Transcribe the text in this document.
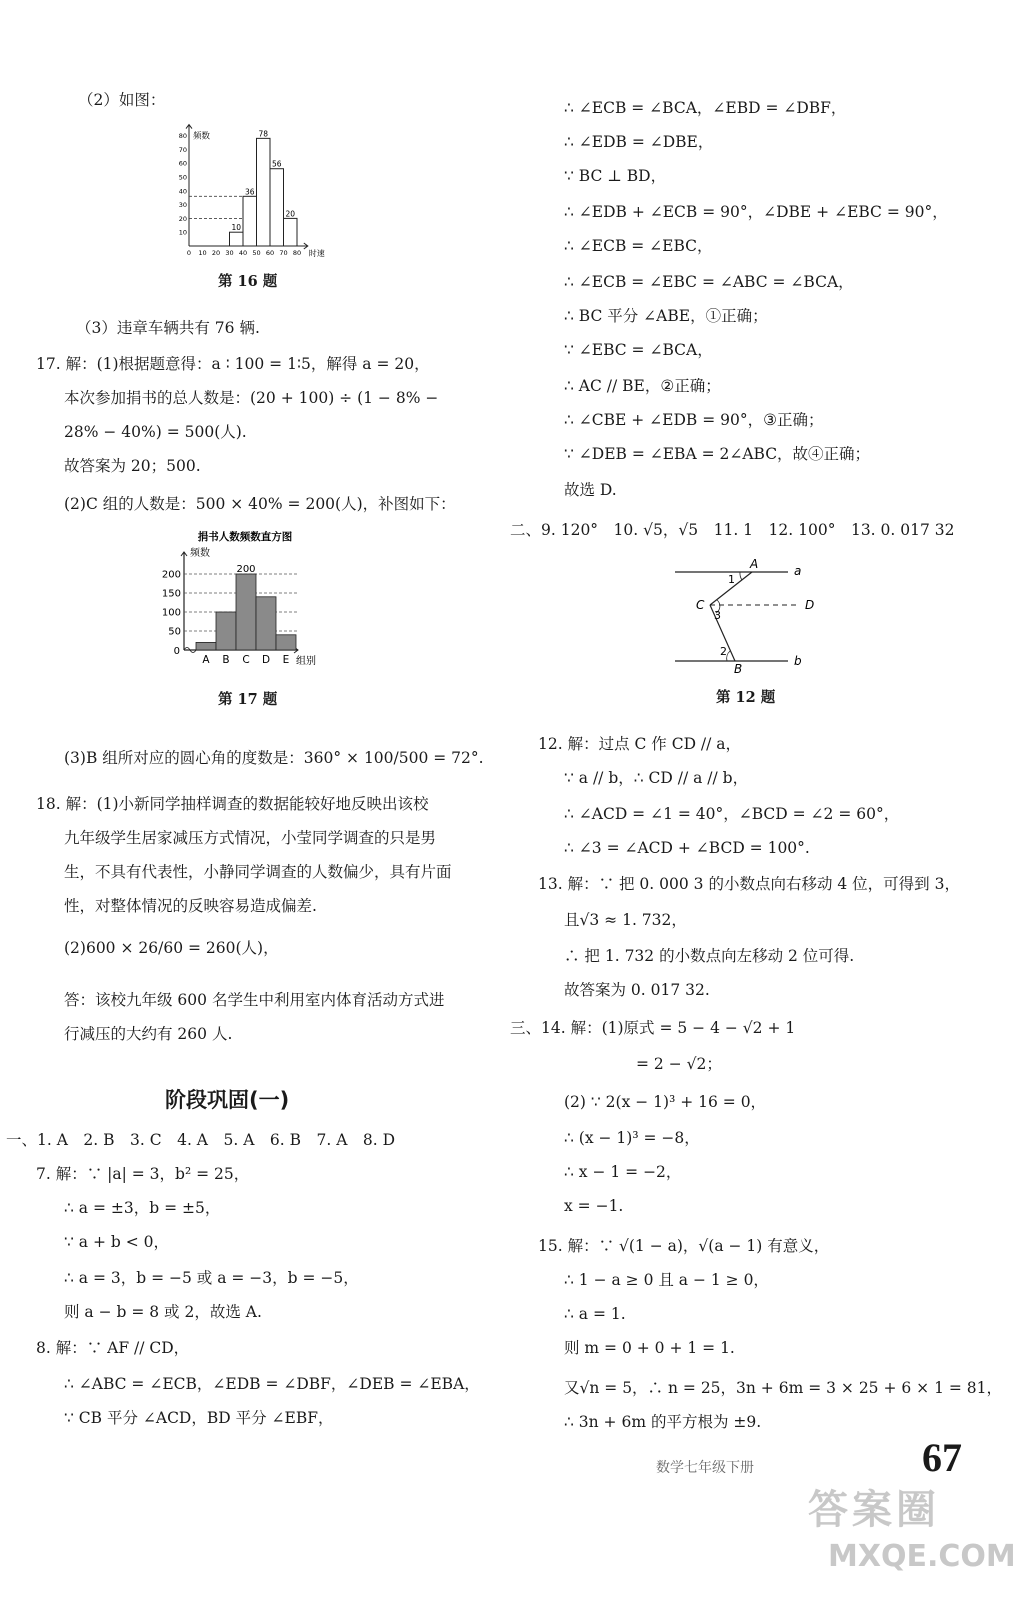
（2）如图：
10
36
78
56
20
0 10 20 30 40 50 60 70 80
10
20
30
40
50
60
70
80 频数
时速
第 16 题
（3）违章车辆共有 76 辆.
17. 解：(1)根据题意得：a ∶ 100 = 1∶5，解得 a = 20，
本次参加捐书的总人数是：(20 + 100) ÷ (1 − 8% −
28% − 40%) = 500(人).
故答案为 20；500.
(2)C 组的人数是：500 × 40% = 200(人)，补图如下：
捐书人数频数直方图
频数
50
100
150
200
0
A B C
200
D E 组别
第 17 题
(3)B 组所对应的圆心角的度数是：360° × 100/500 = 72°.
18. 解：(1)小新同学抽样调查的数据能较好地反映出该校
九年级学生居家减压方式情况，小莹同学调查的只是男
生，不具有代表性，小静同学调查的人数偏少，具有片面
性，对整体情况的反映容易造成偏差.
(2)600 × 26/60 = 260(人)，
答：该校九年级 600 名学生中利用室内体育活动方式进
行减压的大约有 260 人.
阶段巩固(一)
一、1. A　2. B　3. C　4. A　5. A　6. B　7. A　8. D
7. 解：∵ |a| = 3，b² = 25，
∴ a = ±3，b = ±5，
∵ a + b < 0，
∴ a = 3，b = −5 或 a = −3，b = −5，
则 a − b = 8 或 2，故选 A.
8. 解：∵ AF // CD，
∴ ∠ABC = ∠ECB，∠EDB = ∠DBF，∠DEB = ∠EBA，
∵ CB 平分 ∠ACD，BD 平分 ∠EBF，
∴ ∠ECB = ∠BCA，∠EBD = ∠DBF，
∴ ∠EDB = ∠DBE，
∵ BC ⊥ BD，
∴ ∠EDB + ∠ECB = 90°，∠DBE + ∠EBC = 90°，
∴ ∠ECB = ∠EBC，
∴ ∠ECB = ∠EBC = ∠ABC = ∠BCA，
∴ BC 平分 ∠ABE，①正确；
∵ ∠EBC = ∠BCA，
∴ AC // BE，②正确；
∴ ∠CBE + ∠EDB = 90°，③正确；
∵ ∠DEB = ∠EBA = 2∠ABC，故④正确；
故选 D.
二、9. 120°　10. √5，√5　11. 1　12. 100°　13. 0. 017 32
A	a
1
C
3
D
2
B
b
第 12 题
12. 解：过点 C 作 CD // a，
∵ a // b，∴ CD // a // b，
∴ ∠ACD = ∠1 = 40°，∠BCD = ∠2 = 60°，
∴ ∠3 = ∠ACD + ∠BCD = 100°.
13. 解：∵ 把 0. 000 3 的小数点向右移动 4 位，可得到 3，
且√3 ≈ 1. 732，
∴ 把 1. 732 的小数点向左移动 2 位可得.
故答案为 0. 017 32.
三、14. 解：(1)原式 = 5 − 4 − √2 + 1
= 2 − √2；
(2) ∵ 2(x − 1)³ + 16 = 0，
∴ (x − 1)³ = −8，
∴ x − 1 = −2，
x = −1.
15. 解：∵ √(1 − a)，√(a − 1) 有意义，
∴ 1 − a ≥ 0 且 a − 1 ≥ 0，
∴ a = 1.
则 m = 0 + 0 + 1 = 1.
又√n = 5，∴ n = 25，3n + 6m = 3 × 25 + 6 × 1 = 81，
∴ 3n + 6m 的平方根为 ±9.
数学七年级下册	67
答案圈
MXQE.COM
